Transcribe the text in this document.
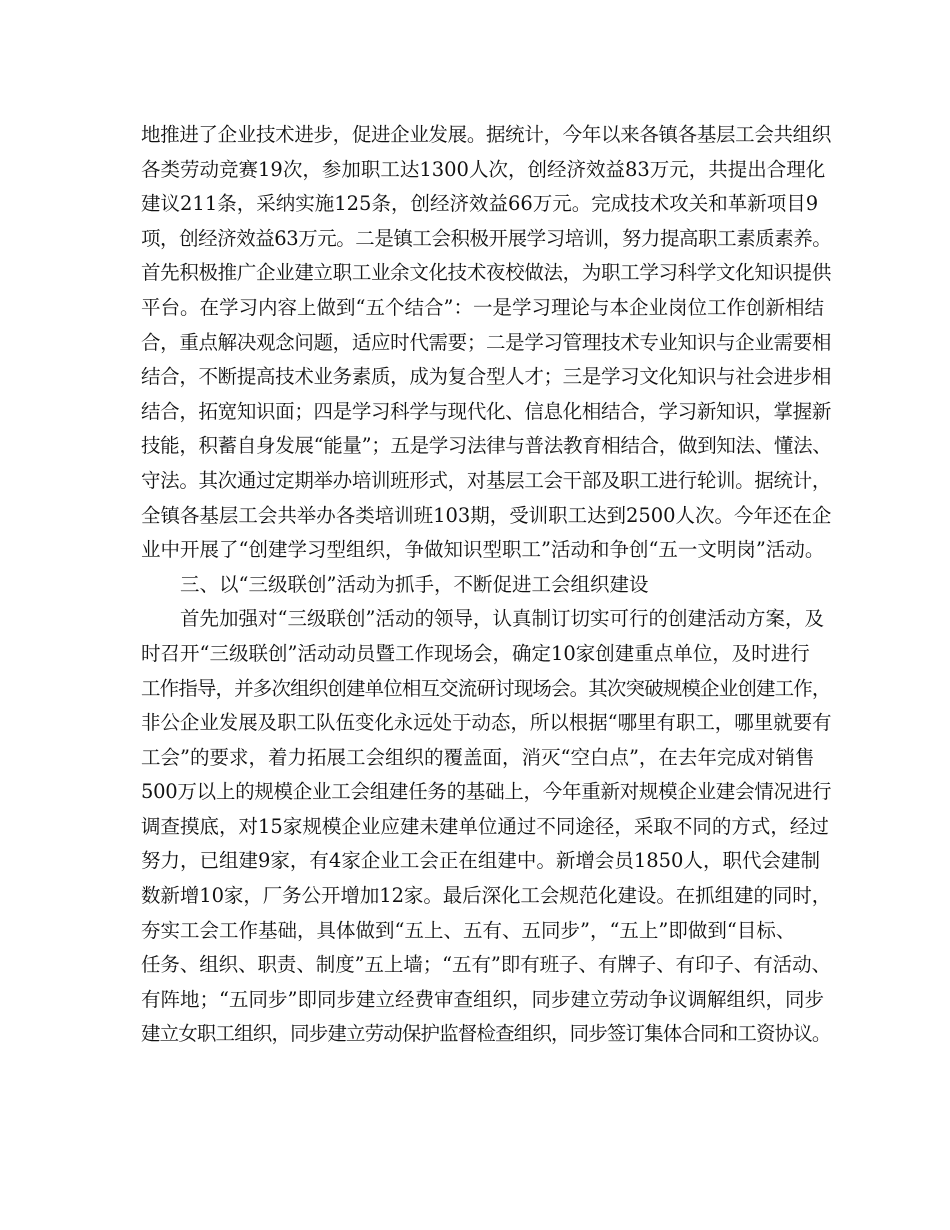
地推进了企业技术进步，促进企业发展。据统计，今年以来各镇各基层工会共组织

各类劳动竞赛19次，参加职工达1300人次，创经济效益83万元，共提出合理化

建议211条，采纳实施125条，创经济效益66万元。完成技术攻关和革新项目9

项，创经济效益63万元。二是镇工会积极开展学习培训，努力提高职工素质素养。

首先积极推广企业建立职工业余文化技术夜校做法，为职工学习科学文化知识提供

平台。在学习内容上做到“五个结合”：一是学习理论与本企业岗位工作创新相结

合，重点解决观念问题，适应时代需要；二是学习管理技术专业知识与企业需要相

结合，不断提高技术业务素质，成为复合型人才；三是学习文化知识与社会进步相

结合，拓宽知识面；四是学习科学与现代化、信息化相结合，学习新知识，掌握新

技能，积蓄自身发展“能量”；五是学习法律与普法教育相结合，做到知法、懂法、

守法。其次通过定期举办培训班形式，对基层工会干部及职工进行轮训。据统计，

全镇各基层工会共举办各类培训班103期，受训职工达到2500人次。今年还在企

业中开展了“创建学习型组织，争做知识型职工”活动和争创“五一文明岗”活动。

三、以“三级联创”活动为抓手，不断促进工会组织建设

首先加强对“三级联创”活动的领导，认真制订切实可行的创建活动方案，及

时召开“三级联创”活动动员暨工作现场会，确定10家创建重点单位，及时进行

工作指导，并多次组织创建单位相互交流研讨现场会。其次突破规模企业创建工作，

非公企业发展及职工队伍变化永远处于动态，所以根据“哪里有职工，哪里就要有

工会”的要求，着力拓展工会组织的覆盖面，消灭“空白点”，在去年完成对销售

500万以上的规模企业工会组建任务的基础上，今年重新对规模企业建会情况进行

调查摸底，对15家规模企业应建未建单位通过不同途径，采取不同的方式，经过

努力，已组建9家，有4家企业工会正在组建中。新增会员1850人，职代会建制

数新增10家，厂务公开增加12家。最后深化工会规范化建设。在抓组建的同时，

夯实工会工作基础，具体做到“五上、五有、五同步”，“五上”即做到“目标、

任务、组织、职责、制度”五上墙；“五有”即有班子、有牌子、有印子、有活动、

有阵地；“五同步”即同步建立经费审查组织，同步建立劳动争议调解组织，同步

建立女职工组织，同步建立劳动保护监督检查组织，同步签订集体合同和工资协议。
